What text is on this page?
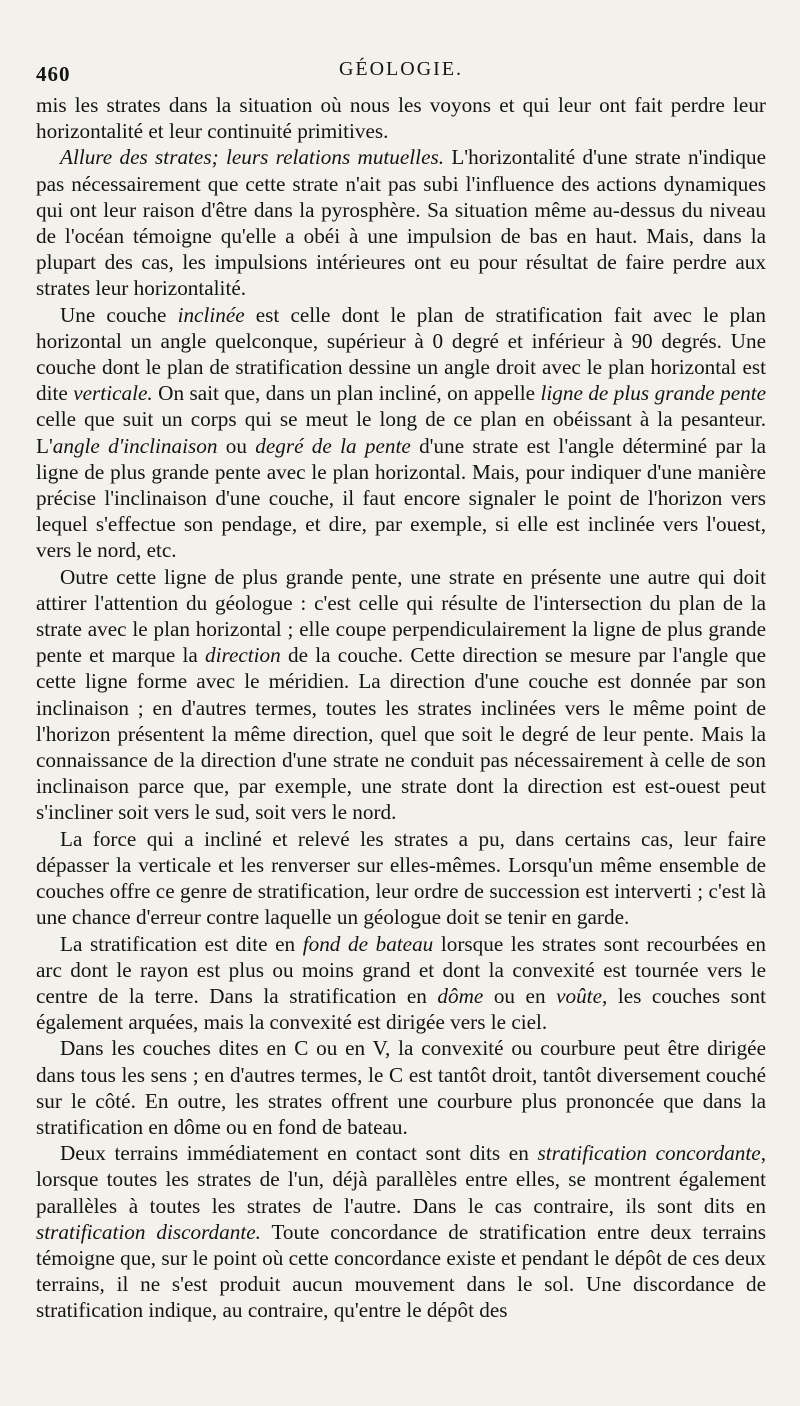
460	GÉOLOGIE.

mis les strates dans la situation où nous les voyons et qui leur ont fait perdre leur horizontalité et leur continuité primitives.

Allure des strates; leurs relations mutuelles. L'horizontalité d'une strate n'indique pas nécessairement que cette strate n'ait pas subi l'influence des actions dynamiques qui ont leur raison d'être dans la pyrosphère. Sa situation même au-dessus du niveau de l'océan témoigne qu'elle a obéi à une impulsion de bas en haut. Mais, dans la plupart des cas, les impulsions intérieures ont eu pour résultat de faire perdre aux strates leur horizontalité.

Une couche inclinée est celle dont le plan de stratification fait avec le plan horizontal un angle quelconque, supérieur à 0 degré et inférieur à 90 degrés. Une couche dont le plan de stratification dessine un angle droit avec le plan horizontal est dite verticale. On sait que, dans un plan incliné, on appelle ligne de plus grande pente celle que suit un corps qui se meut le long de ce plan en obéissant à la pesanteur. L'angle d'inclinaison ou degré de la pente d'une strate est l'angle déterminé par la ligne de plus grande pente avec le plan horizontal. Mais, pour indiquer d'une manière précise l'inclinaison d'une couche, il faut encore signaler le point de l'horizon vers lequel s'effectue son pendage, et dire, par exemple, si elle est inclinée vers l'ouest, vers le nord, etc.

Outre cette ligne de plus grande pente, une strate en présente une autre qui doit attirer l'attention du géologue : c'est celle qui résulte de l'intersection du plan de la strate avec le plan horizontal ; elle coupe perpendiculairement la ligne de plus grande pente et marque la direction de la couche. Cette direction se mesure par l'angle que cette ligne forme avec le méridien. La direction d'une couche est donnée par son inclinaison ; en d'autres termes, toutes les strates inclinées vers le même point de l'horizon présentent la même direction, quel que soit le degré de leur pente. Mais la connaissance de la direction d'une strate ne conduit pas nécessairement à celle de son inclinaison parce que, par exemple, une strate dont la direction est est-ouest peut s'incliner soit vers le sud, soit vers le nord.

La force qui a incliné et relevé les strates a pu, dans certains cas, leur faire dépasser la verticale et les renverser sur elles-mêmes. Lorsqu'un même ensemble de couches offre ce genre de stratification, leur ordre de succession est interverti ; c'est là une chance d'erreur contre laquelle un géologue doit se tenir en garde.

La stratification est dite en fond de bateau lorsque les strates sont recourbées en arc dont le rayon est plus ou moins grand et dont la convexité est tournée vers le centre de la terre. Dans la stratification en dôme ou en voûte, les couches sont également arquées, mais la convexité est dirigée vers le ciel.

Dans les couches dites en C ou en V, la convexité ou courbure peut être dirigée dans tous les sens ; en d'autres termes, le C est tantôt droit, tantôt diversement couché sur le côté. En outre, les strates offrent une courbure plus prononcée que dans la stratification en dôme ou en fond de bateau.

Deux terrains immédiatement en contact sont dits en stratification concordante, lorsque toutes les strates de l'un, déjà parallèles entre elles, se montrent également parallèles à toutes les strates de l'autre. Dans le cas contraire, ils sont dits en stratification discordante. Toute concordance de stratification entre deux terrains témoigne que, sur le point où cette concordance existe et pendant le dépôt de ces deux terrains, il ne s'est produit aucun mouvement dans le sol. Une discordance de stratification indique, au contraire, qu'entre le dépôt des
